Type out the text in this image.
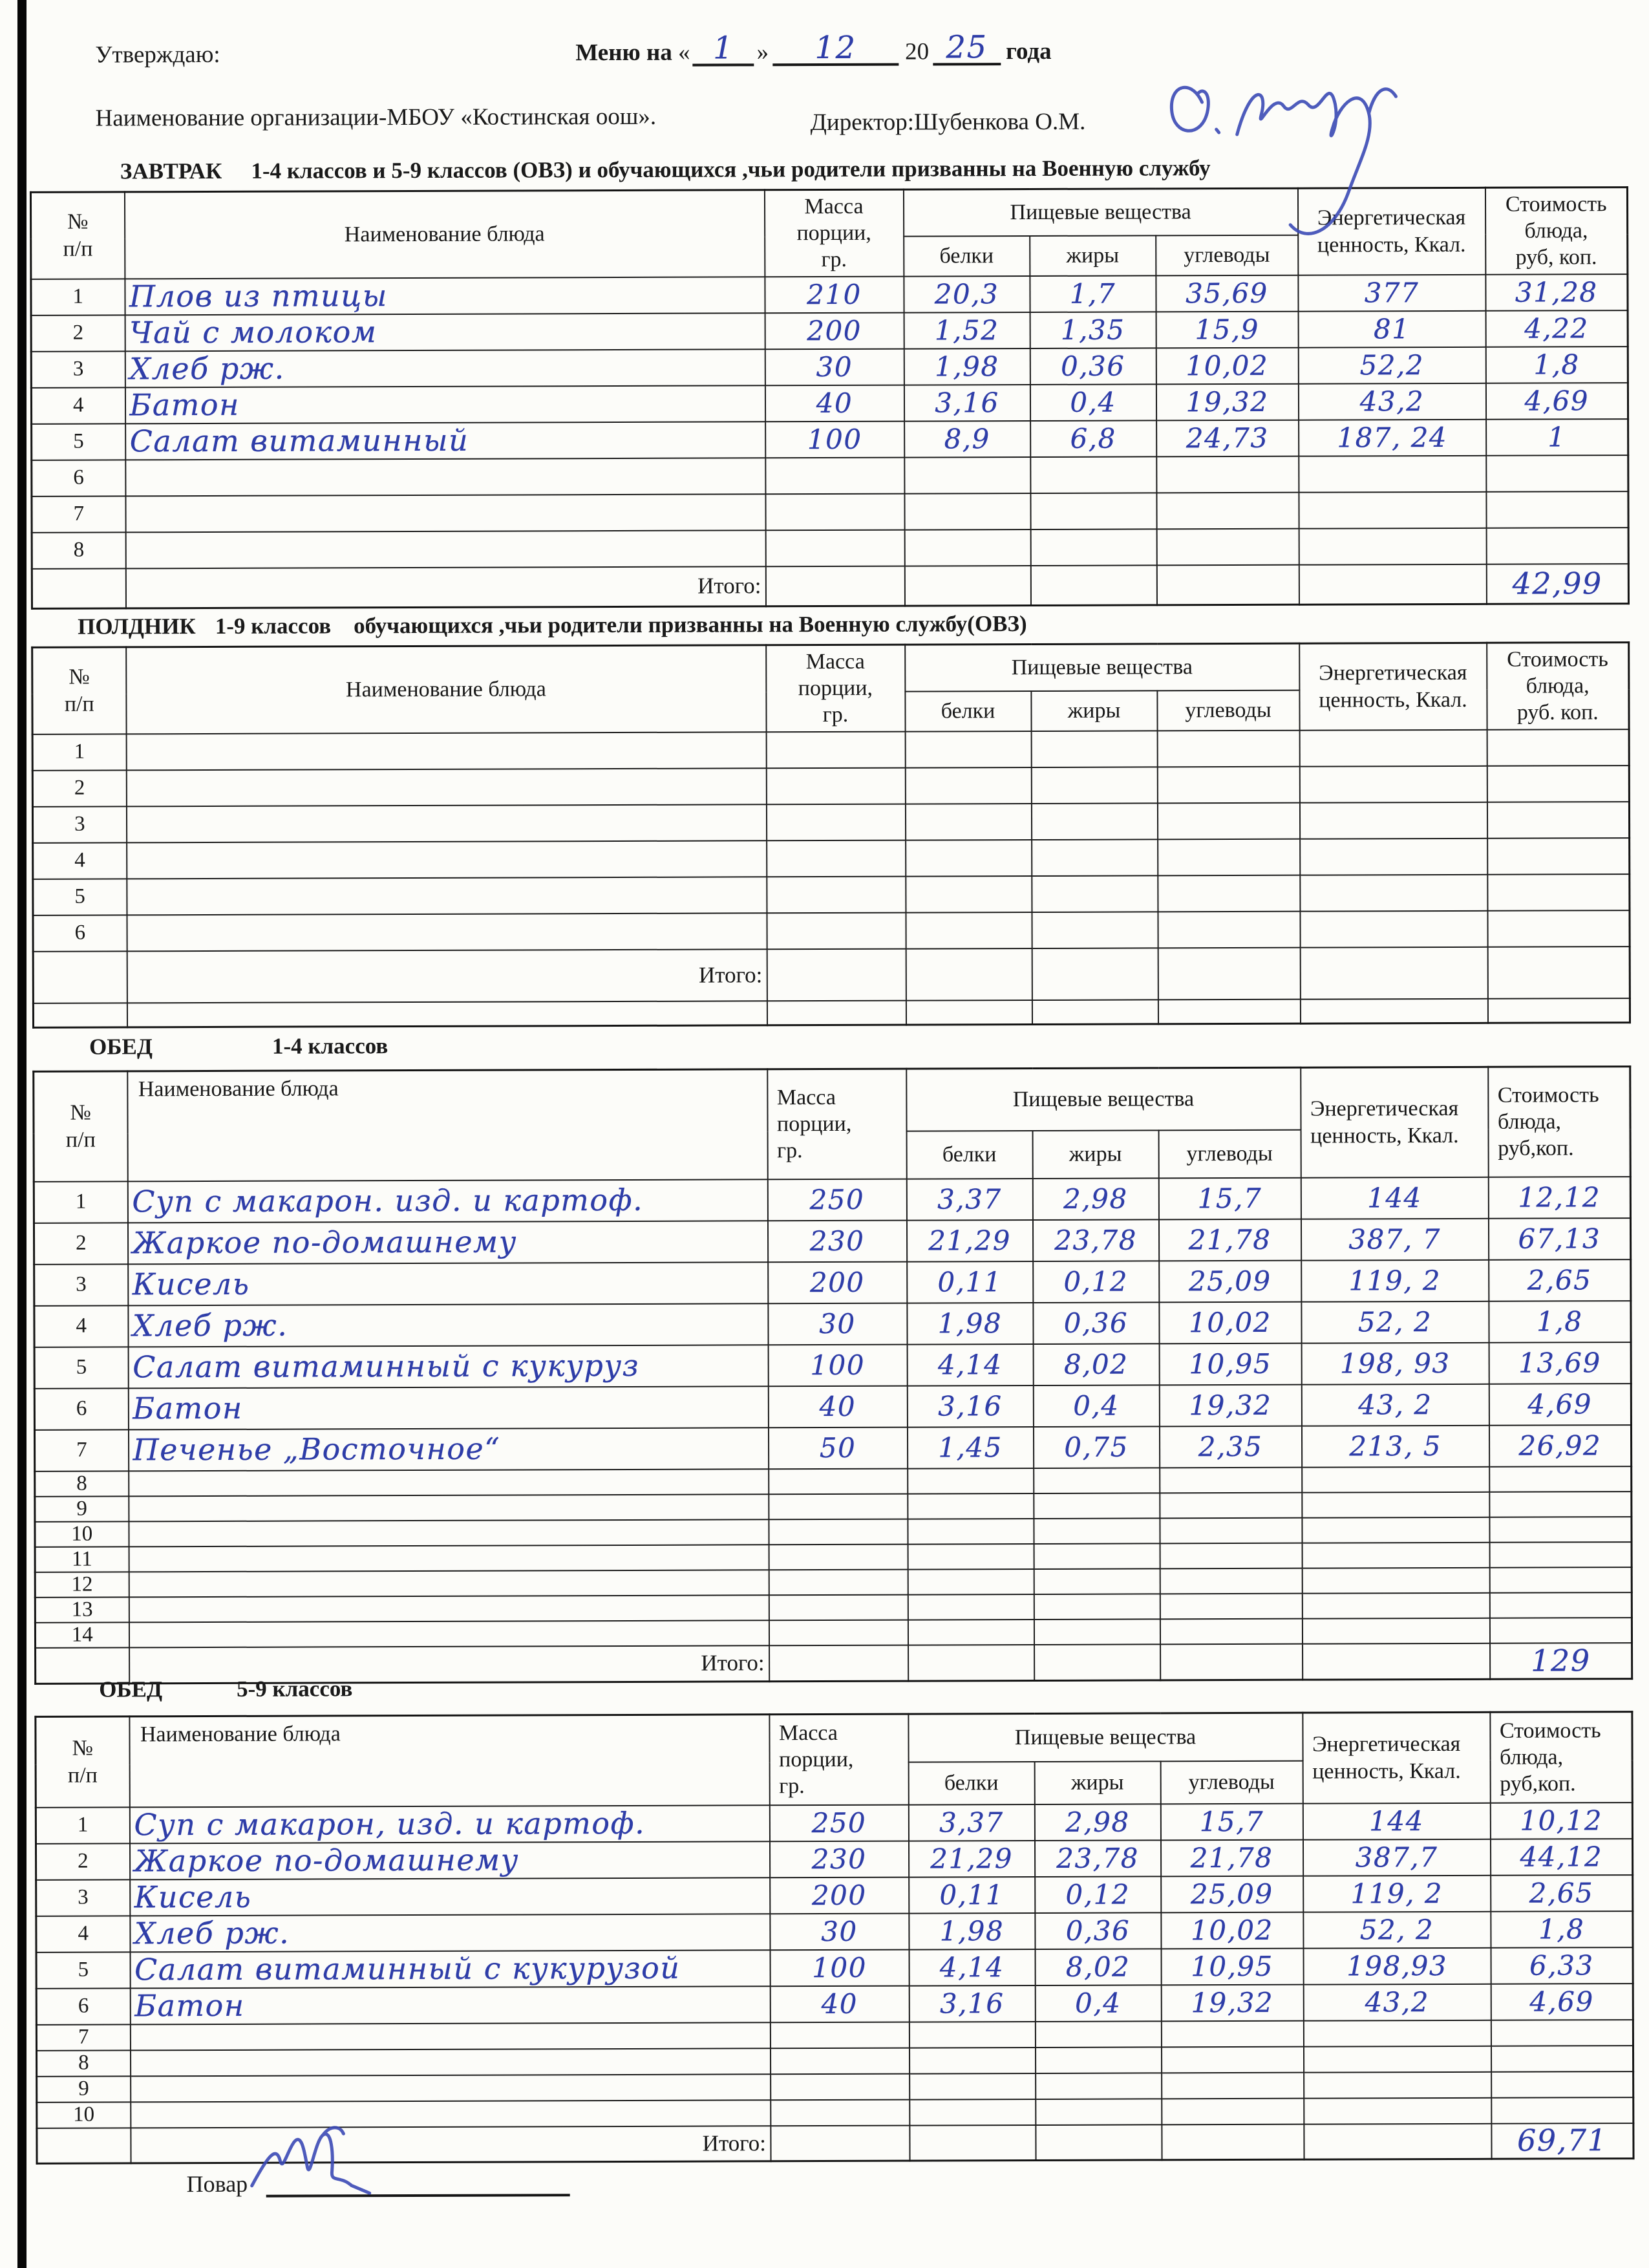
Утверждаю:	Меню на « 1 » 12 20 25 года
Наименование организации-МБОУ «Костинская оош».	Директор:Шубенкова О.М.
ЗАВТРАК 1-4 классов и 5-9 классов (ОВЗ) и обучающихся ,чьи родители призванны на Военную службу
№
п/п
	Наименование блюда	
Масса
порции,
гр.
	Пищевые вещества	Энергетическая
ценность, Ккал.

Стоимость
блюда,
руб, коп.

			белки	жиры	углеводы		
1	Плов из птицы	210	20,3	1,7	35,69	377	31,28
2	Чай с молоком	200	1,52	1,35	15,9	81	4,22
3	Хлеб рж.	30	1,98	0,36	10,02	52,2	1,8
4	Батон	40	3,16	0,4	19,32	43,2	4,69
5	Салат витаминный	100	8,9	6,8	24,73	187, 24	1
6							
7							
8							
	Итого:						42,99
ПОЛДНИК 1-9 классов    обучающихся ,чьи родители призванны на Военную службу(ОВЗ)
№
п/п
	Наименование блюда	
Масса
порции,
гр.
	Пищевые вещества	Энергетическая
ценность, Ккал.

Стоимость
блюда,
руб. коп.

			белки	жиры	углеводы		
1							
2							
3							
4							
5							
6							
	Итого:						

ОБЕД	1-4 классов
№
п/п
	Наименование блюда	Масса
порции,
гр.
	Пищевые вещества	Энергетическая
ценность, Ккал.

Стоимость
блюда,
руб,коп.

			белки	жиры	углеводы		
1	Суп с макарон. изд. и картоф.	250	3,37	2,98	15,7	144	12,12
2	Жаркое по-домашнему	230	21,29	23,78	21,78	387, 7	67,13
3	Кисель	200	0,11	0,12	25,09	119, 2	2,65
4	Хлеб рж.	30	1,98	0,36	10,02	52, 2	1,8
5	Салат витаминный с кукуруз	100	4,14	8,02	10,95	198, 93	13,69
6	Батон	40	3,16	0,4	19,32	43, 2	4,69
7	Печенье „Восточное“	50	1,45	0,75	2,35	213, 5	26,92
8							
9							
10							
11							
12							
13							
14							
	Итого:						129
ОБЕД	5-9 классов
№
п/п
	Наименование блюда	Масса
порции,
гр.
	Пищевые вещества	Энергетическая
ценность, Ккал.

Стоимость
блюда,
руб,коп.

			белки	жиры	углеводы		
1	Суп с макарон, изд. и картоф.	250	3,37	2,98	15,7	144	10,12
2	Жаркое по-домашнему	230	21,29	23,78	21,78	387,7	44,12
3	Кисель	200	0,11	0,12	25,09	119, 2	2,65
4	Хлеб рж.	30	1,98	0,36	10,02	52, 2	1,8
5	Салат витаминный с кукурузой	100	4,14	8,02	10,95	198,93	6,33
6	Батон	40	3,16	0,4	19,32	43,2	4,69
7							
8							
9							
10							
	Итого:						69,71
Повар
